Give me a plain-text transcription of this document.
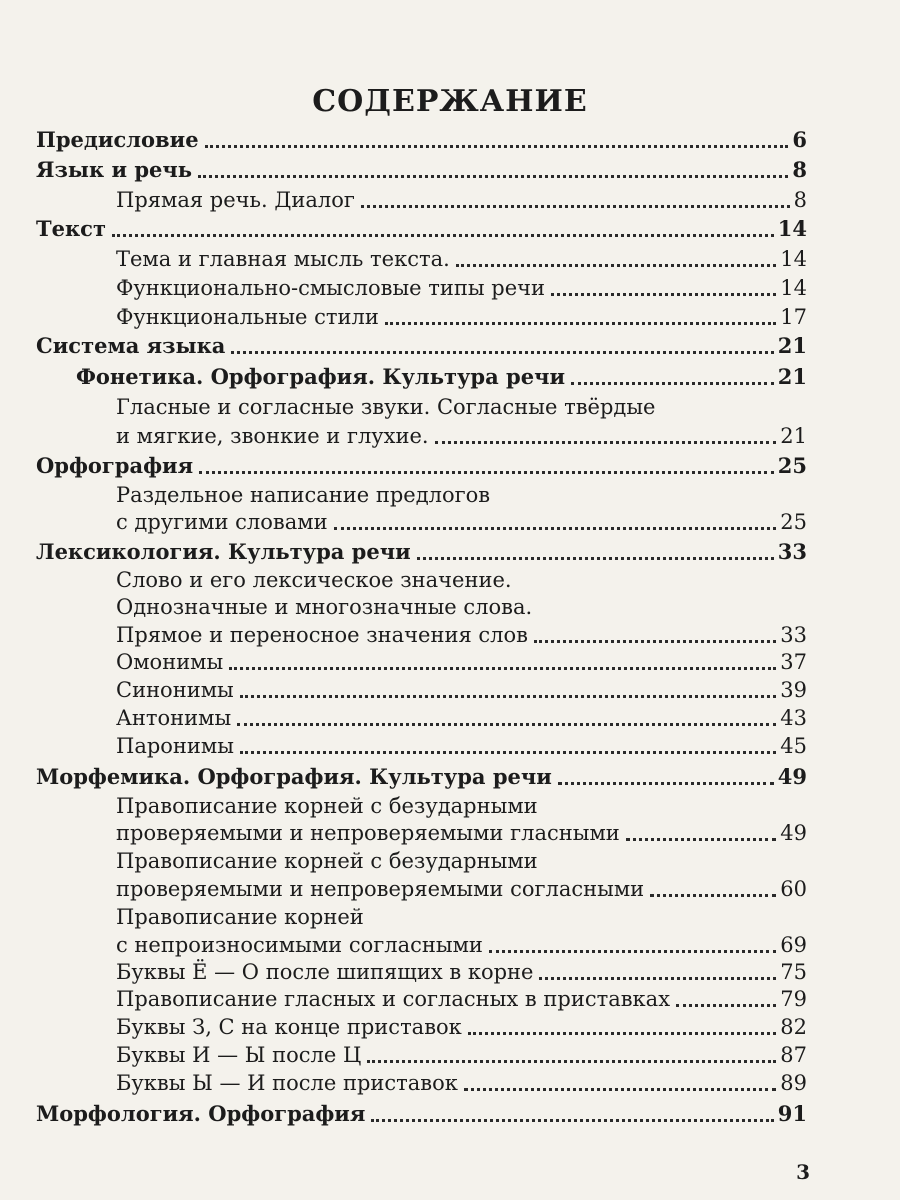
СОДЕРЖАНИЕ
Предисловие	6
Язык и речь	8
Прямая речь. Диалог	8
Текст	14
Тема и главная мысль текста.	14
Функционально-смысловые типы речи	14
Функциональные стили	17
Система языка	21
Фонетика. Орфография. Культура речи	21
Гласные и согласные звуки. Согласные твёрдые
и мягкие, звонкие и глухие.	21
Орфография	25
Раздельное написание предлогов
с другими словами	25
Лексикология. Культура речи	33
Слово и его лексическое значение.
Однозначные и многозначные слова.
Прямое и переносное значения слов	33
Омонимы	37
Синонимы	39
Антонимы	43
Паронимы	45
Морфемика. Орфография. Культура речи	49
Правописание корней с безударными
проверяемыми и непроверяемыми гласными	49
Правописание корней с безударными
проверяемыми и непроверяемыми согласными	60
Правописание корней
с непроизносимыми согласными	69
Буквы Ё — О после шипящих в корне	75
Правописание гласных и согласных в приставках	79
Буквы З, С на конце приставок	82
Буквы И — Ы после Ц	87
Буквы Ы — И после приставок	89
Морфология. Орфография	91
3
